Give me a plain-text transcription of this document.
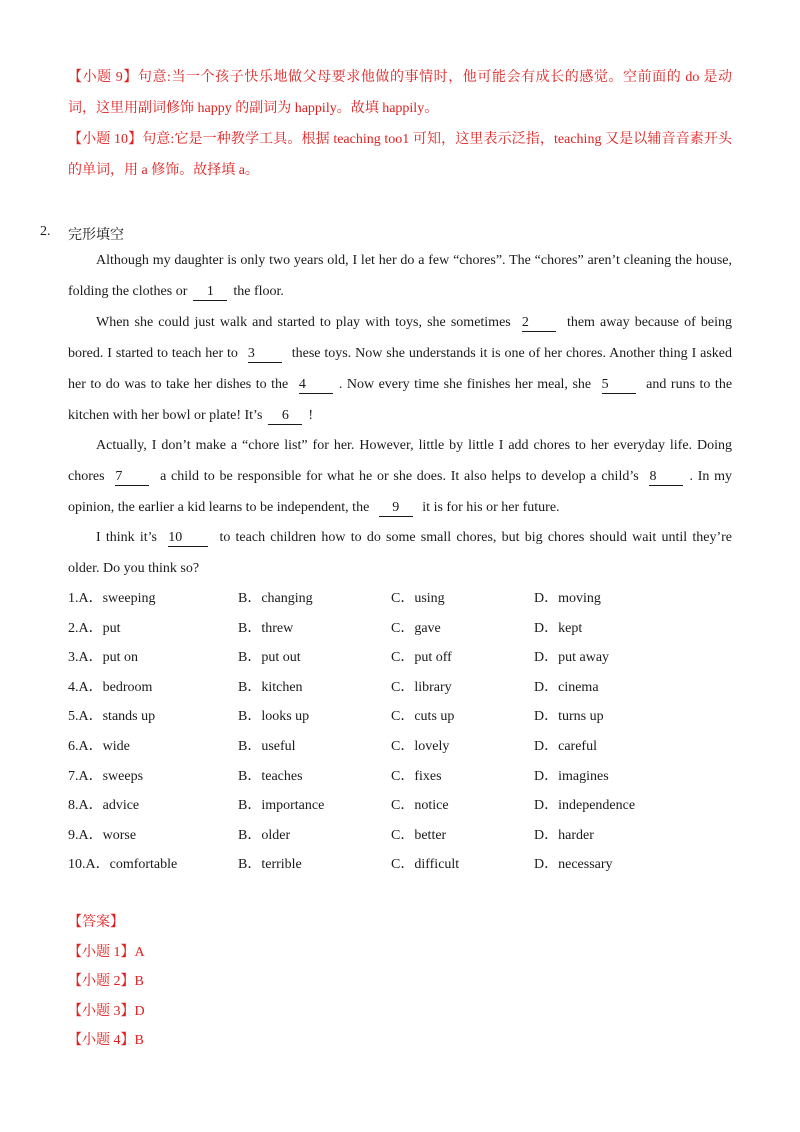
【小题 9】句意:当一个孩子快乐地做父母要求他做的事情时，他可能会有成长的感觉。空前面的 do 是动
词，这里用副词修饰 happy 的副词为 happily。故填 happily。
【小题 10】句意:它是一种教学工具。根据 teaching too1 可知，这里表示泛指，teaching 又是以辅音音素开头
的单词，用 a 修饰。故择填 a。
2. 完形填空
Although my daughter is only two years old, I let her do a few “chores”. The “chores” aren’t cleaning the house,
folding the clothes or 1 the floor.
When she could just walk and started to play with toys, she sometimes 2	them away because of being
bored. I started to teach her to 3	these toys. Now she understands it is one of her chores. Another thing I asked
her to do was to take her dishes to the 4 . Now every time she finishes her meal, she 5	and runs to the
kitchen with her bowl or plate! It’s 6 !
Actually, I don’t make a “chore list” for her. However, little by little I add chores to her everyday life. Doing
chores 7	a child to be responsible for what he or she does. It also helps to develop a child’s 8 . In my
opinion, the earlier a kid learns to be independent, the 9 it is for his or her future.
I think it’s 10	to teach children how to do some small chores, but big chores should wait until they’re
older. Do you think so?
1.A．sweeping	B．changing	C．using	D．moving
2.A．put	B．threw	C．gave	D．kept
3.A．put on	B．put out	C．put off	D．put away
4.A．bedroom	B．kitchen	C．library	D．cinema
5.A．stands up	B．looks up	C．cuts up	D．turns up
6.A．wide	B．useful	C．lovely	D．careful
7.A．sweeps	B．teaches	C．fixes	D．imagines
8.A．advice	B．importance	C．notice	D．independence
9.A．worse	B．older	C．better	D．harder
10.A．comfortable	B．terrible	C．difficult	D．necessary
【答案】
【小题 1】A
【小题 2】B
【小题 3】D
【小题 4】B
